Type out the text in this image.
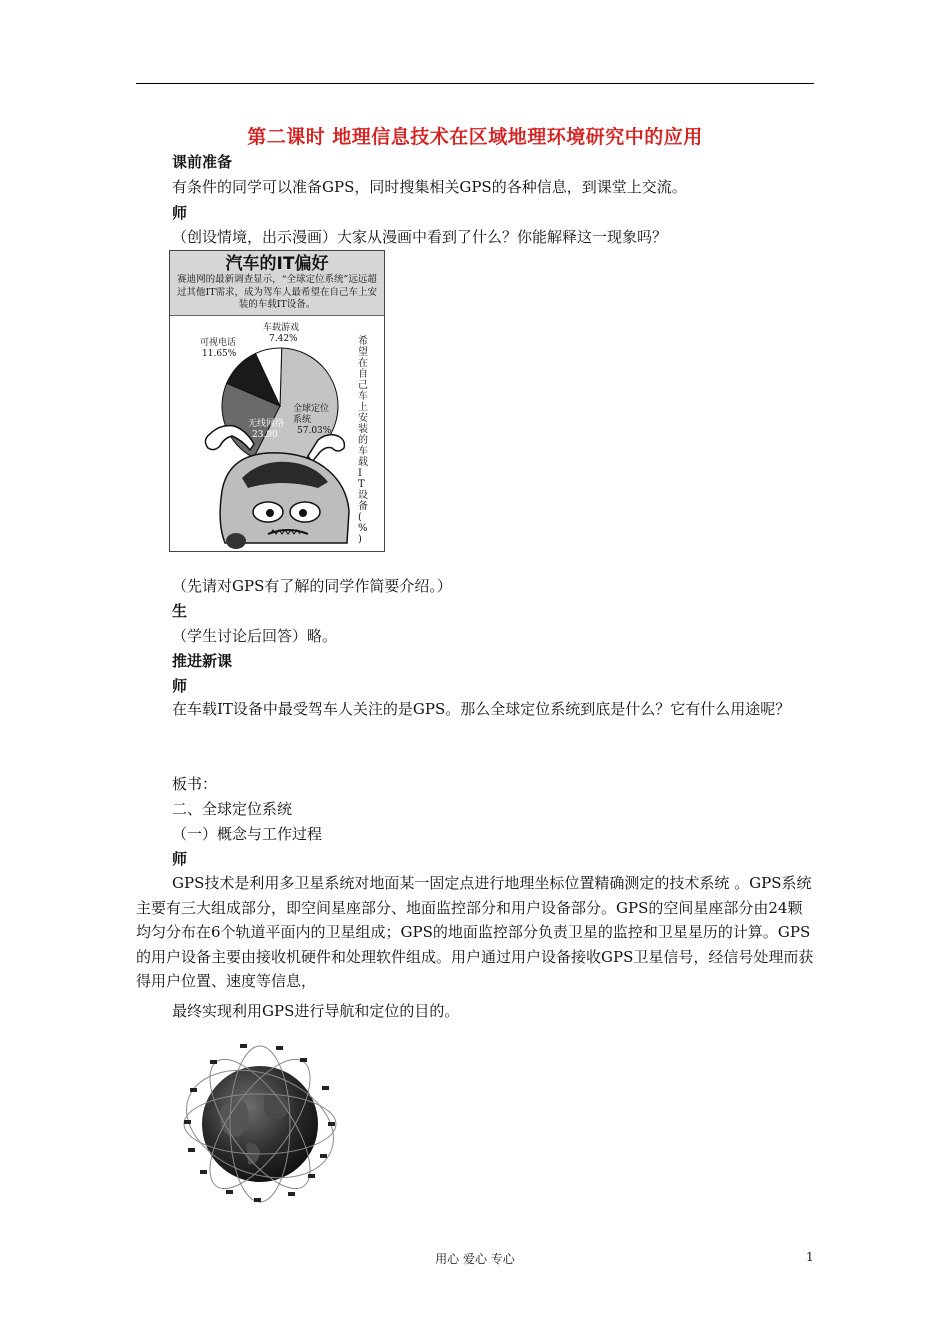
第二课时 地理信息技术在区域地理环境研究中的应用
课前准备
有条件的同学可以准备GPS，同时搜集相关GPS的各种信息，到课堂上交流。
师
（创设情境，出示漫画）大家从漫画中看到了什么？你能解释这一现象吗？
汽车的IT偏好
赛迪网的最新调查显示，“全球定位系统”远远超过其他IT需求，成为驾车人最希望在自己车上安装的车载IT设备。
全球定位系统
57.03%
无线网络
23.90
可视电话
11.65%
车载游戏
7.42%	希望在自己车上安装的车载 I T 设备( % )
（先请对GPS有了解的同学作简要介绍。）
生
（学生讨论后回答）略。
推进新课
师
在车载IT设备中最受驾车人关注的是GPS。那么全球定位系统到底是什么？它有什么用途呢？
板书：
二、全球定位系统
（一）概念与工作过程
师
GPS技术是利用多卫星系统对地面某一固定点进行地理坐标位置精确测定的技术系统 。GPS系统主要有三大组成部分，即空间星座部分、地面监控部分和用户设备部分。GPS的空间星座部分由24颗均匀分布在6个轨道平面内的卫星组成；GPS的地面监控部分负责卫星的监控和卫星星历的计算。GPS的用户设备主要由接收机硬件和处理软件组成。用户通过用户设备接收GPS卫星信号，经信号处理而获得用户位置、速度等信息，
最终实现利用GPS进行导航和定位的目的。
用心 爱心 专心	1
